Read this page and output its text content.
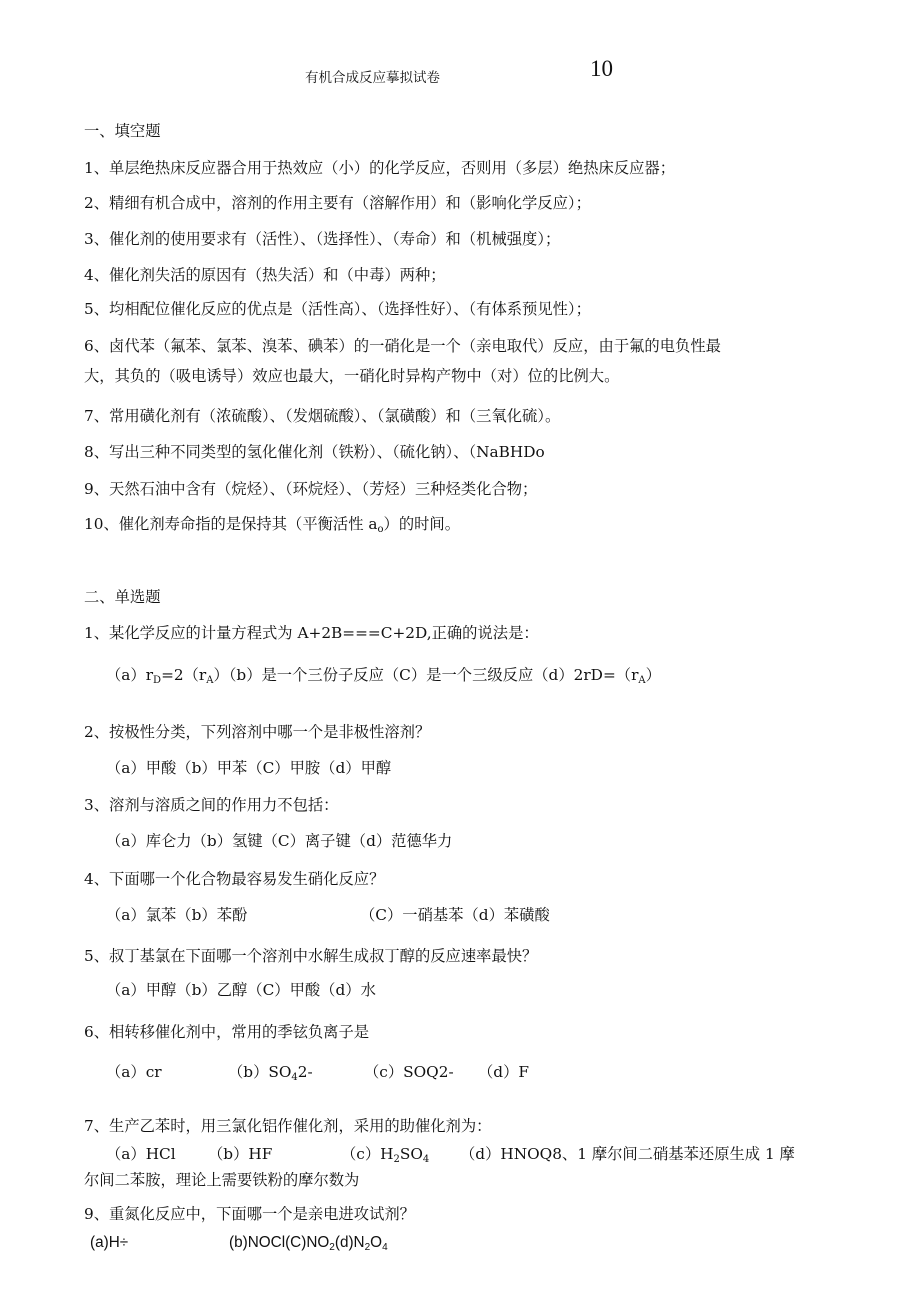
有机合成反应摹拟试卷	10
一、填空题
1、单层绝热床反应器合用于热效应（小）的化学反应，否则用（多层）绝热床反应器；
2、精细有机合成中，溶剂的作用主要有（溶解作用）和（影响化学反应）；
3、催化剂的使用要求有（活性）、（选择性）、（寿命）和（机械强度）；
4、催化剂失活的原因有（热失活）和（中毒）两种；
5、均相配位催化反应的优点是（活性高）、（选择性好）、（有体系预见性）；
6、卤代苯（氟苯、氯苯、溴苯、碘苯）的一硝化是一个（亲电取代）反应，由于氟的电负性最
大，其负的（吸电诱导）效应也最大，一硝化时异构产物中（对）位的比例大。
7、常用磺化剂有（浓硫酸）、（发烟硫酸）、（氯磺酸）和（三氧化硫）。
8、写出三种不同类型的氢化催化剂（铁粉）、（硫化钠）、（NaBHDo
9、天然石油中含有（烷烃）、（环烷烃）、（芳烃）三种烃类化合物；
10、催化剂寿命指的是保持其（平衡活性 $a_o$）的时间。
二、单选题
1、某化学反应的计量方程式为 A+2B===C+2D,正确的说法是：
$(a)r_D=2(r_A)(b)$是一个三份子反应（C）是一个三级反应$(d)2rD=(r_A)$
2、按极性分类，下列溶剂中哪一个是非极性溶剂？
（a）甲酸（b）甲苯（C）甲胺（d）甲醇
3、溶剂与溶质之间的作用力不包括：
（a）库仑力（b）氢键（C）离子键（d）范德华力
4、下面哪一个化合物最容易发生硝化反应？
（a）氯苯（b）苯酚	（C）一硝基苯（d）苯磺酸
5、叔丁基氯在下面哪一个溶剂中水解生成叔丁醇的反应速率最快？
（a）甲醇（b）乙醇（C）甲酸（d）水
6、相转移催化剂中，常用的季铉负离子是
（a）cr	$(b)SO_42-$	（c）SOQ2- （d）F
7、生产乙苯时，用三氯化铝作催化剂，采用的助催化剂为：
（a）HCl （b）HF	$(c)H_2SO_4$ （d）HNOQ8、1 摩尔间二硝基苯还原生成 1 摩
尔间二苯胺，理论上需要铁粉的摩尔数为
9、重氮化反应中，下面哪一个是亲电进攻试剂？
(a)H÷	$(b)NOCl(C)NO_2(d)N_2O_4$
